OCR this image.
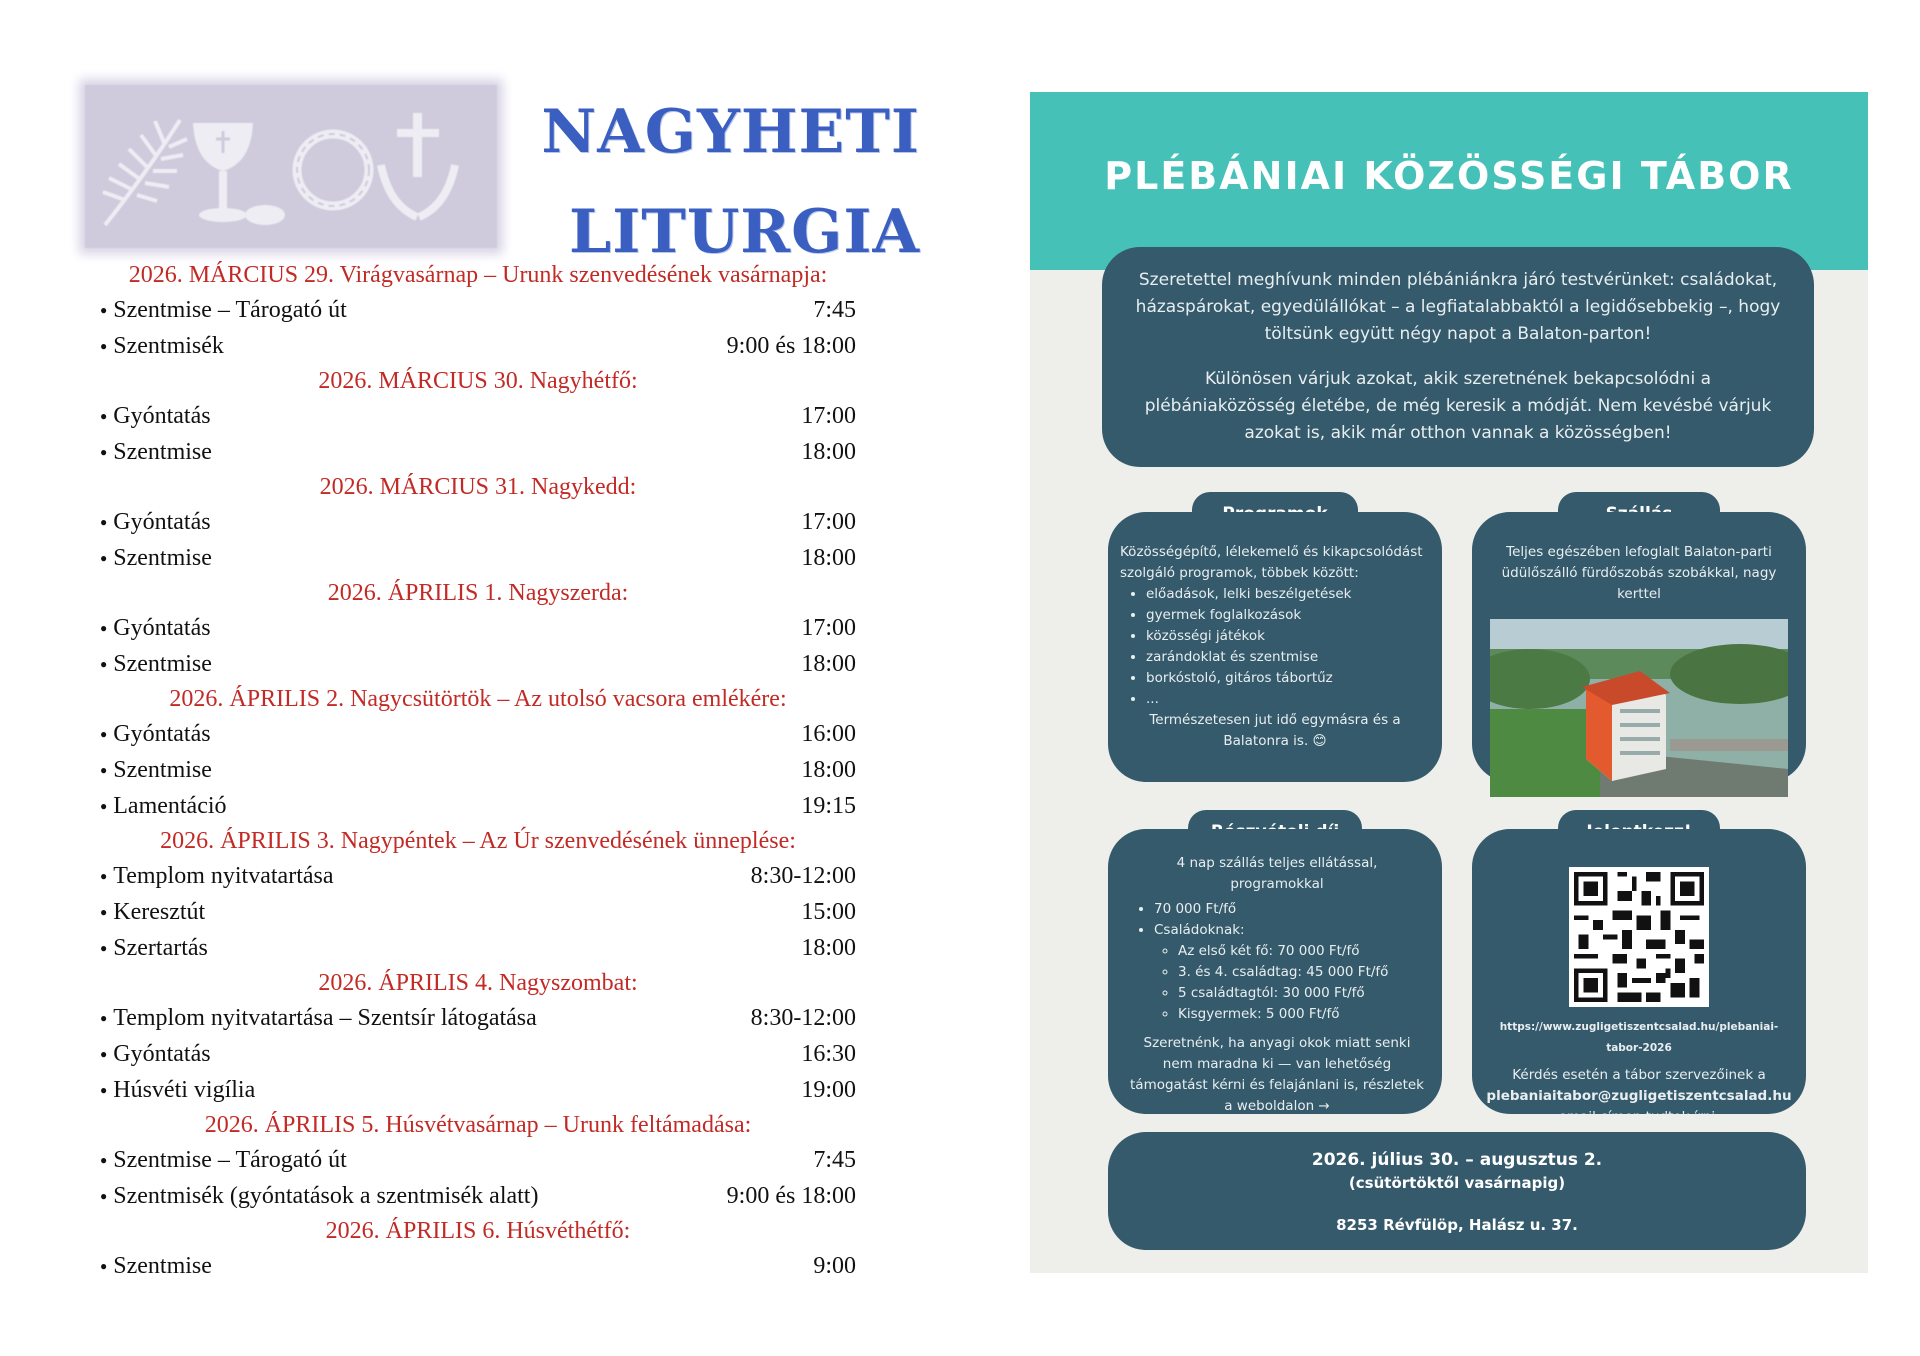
NAGYHETI
LITURGIA
2026. MÁRCIUS 29. Virágvasárnap – Urunk szenvedésének vasárnapja:
● Szentmise – Tárogató út	7:45
● Szentmisék	9:00 és 18:00
2026. MÁRCIUS 30. Nagyhétfő:
● Gyóntatás	17:00
● Szentmise	18:00
2026. MÁRCIUS 31. Nagykedd:
● Gyóntatás	17:00
● Szentmise	18:00
2026. ÁPRILIS 1. Nagyszerda:
● Gyóntatás	17:00
● Szentmise	18:00
2026. ÁPRILIS 2. Nagycsütörtök – Az utolsó vacsora emlékére:
● Gyóntatás	16:00
● Szentmise	18:00
● Lamentáció	19:15
2026. ÁPRILIS 3. Nagypéntek – Az Úr szenvedésének ünneplése:
● Templom nyitvatartása	8:30-12:00
● Keresztút	15:00
● Szertartás	18:00
2026. ÁPRILIS 4. Nagyszombat:
● Templom nyitvatartása – Szentsír látogatása	8:30-12:00
● Gyóntatás	16:30
● Húsvéti vigília	19:00
2026. ÁPRILIS 5. Húsvétvasárnap – Urunk feltámadása:
● Szentmise – Tárogató út	7:45
● Szentmisék (gyóntatások a szentmisék alatt)	9:00 és 18:00
2026. ÁPRILIS 6. Húsvéthétfő:
● Szentmise	9:00
PLÉBÁNIAI KÖZÖSSÉGI TÁBOR

Szeretettel meghívunk minden plébániánkra járó testvérünket: családokat, házaspárokat, egyedülállókat – a legfiatalabbaktól a legidősebbekig –, hogy töltsünk együtt négy napot a Balaton-parton!

Különösen várjuk azokat, akik szeretnének bekapcsolódni a plébániaközösség életébe, de még keresik a módját. Nem kevésbé várjuk azokat is, akik már otthon vannak a közösségben!

Közösségépítő, lélekemelő és kikapcsolódást szolgáló programok, többek között:
• előadások, lelki beszélgetések
• gyermek foglalkozások
• közösségi játékok
• zarándoklat és szentmise
• borkóstoló, gitáros tábortűz
• ...
Természetesen jut idő egymásra és a Balatonra is. 😊
Teljes egészében lefoglalt Balaton-parti üdülőszálló fürdőszobás szobákkal, nagy kerttel
4 nap szállás teljes ellátással, programokkal
• 70 000 Ft/fő
• Családoknak:
◦ Az első két fő: 70 000 Ft/fő
◦ 3. és 4. családtag: 45 000 Ft/fő
◦ 5 családtagtól: 30 000 Ft/fő
◦ Kisgyermek: 5 000 Ft/fő
Szeretnénk, ha anyagi okok miatt senki nem maradna ki — van lehetőség támogatást kérni és felajánlani is, részletek a weboldalon →
https://www.zugligetiszentcsalad.hu/plebaniai-tabor-2026
Kérdés esetén a tábor szervezőinek a
plebaniaitabor@zugligetiszentcsalad.hu
email címen tudtok írni.
2026. július 30. – augusztus 2.
(csütörtöktől vasárnapig)
8253 Révfülöp, Halász u. 37.
